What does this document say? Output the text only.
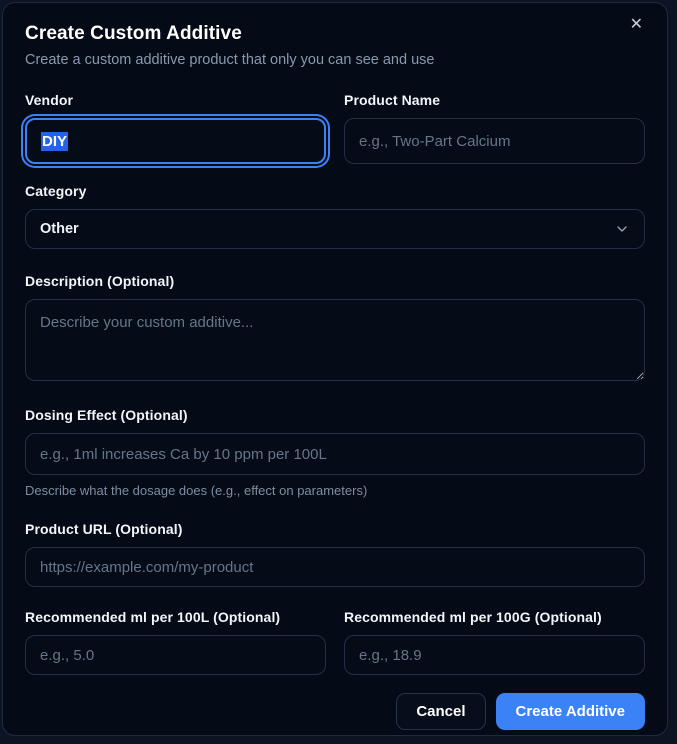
✕
Create Custom Additive

Create a custom additive product that only you can see and use

Vendor
DIY
Product Name
e.g., Two-Part Calcium
Category
Other
Description (Optional)
Describe your custom additive...
Dosing Effect (Optional)
e.g., 1ml increases Ca by 10 ppm per 100L

Describe what the dosage does (e.g., effect on parameters)

Product URL (Optional)
https://example.com/my-product
Recommended ml per 100L (Optional)
e.g., 5.0	Recommended ml per 100G (Optional)
e.g., 18.9
Cancel	Create Additive
